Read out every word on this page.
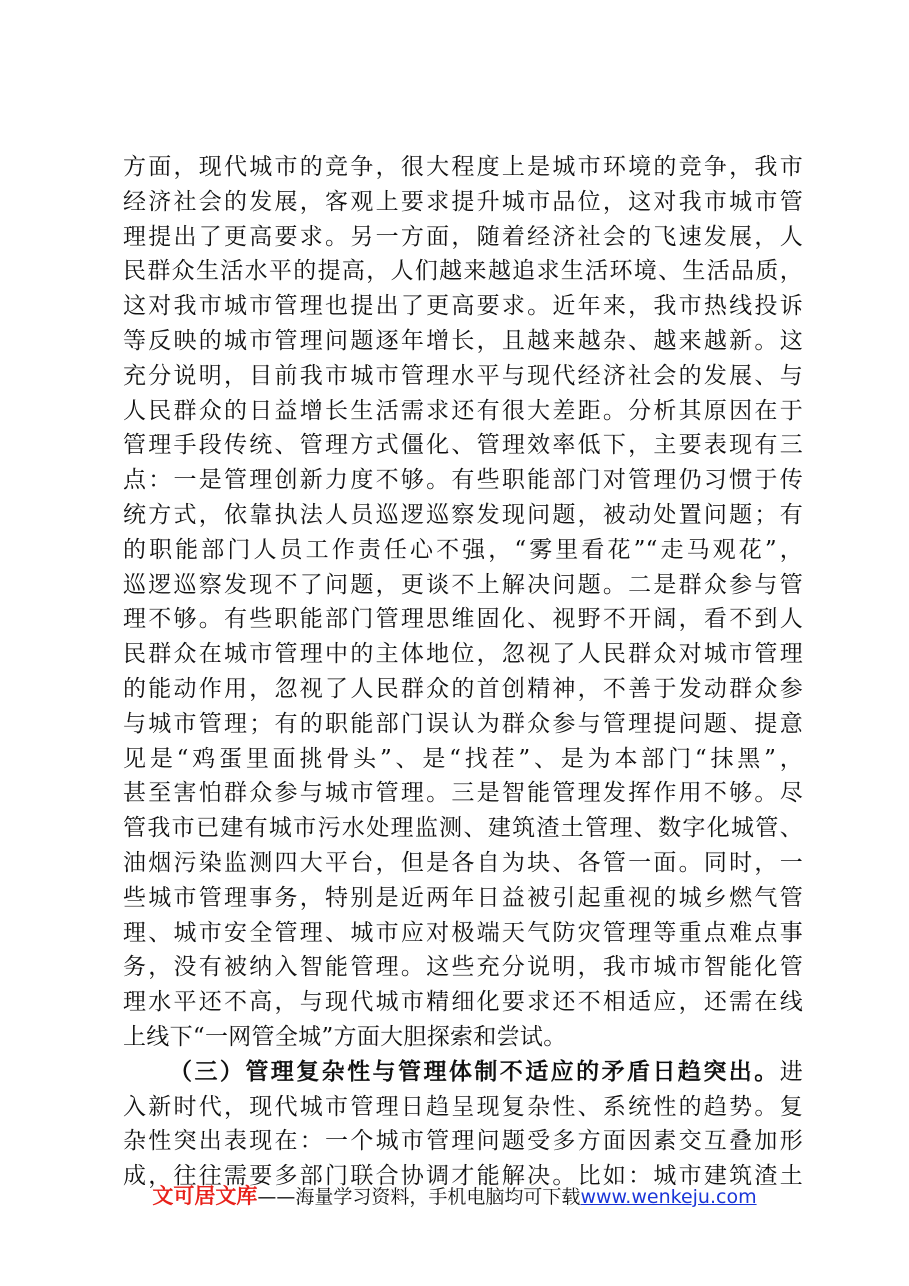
方面，现代城市的竞争，很大程度上是城市环境的竞争，我市
经济社会的发展，客观上要求提升城市品位，这对我市城市管
理提出了更高要求。另一方面，随着经济社会的飞速发展，人
民群众生活水平的提高，人们越来越追求生活环境、生活品质，
这对我市城市管理也提出了更高要求。近年来，我市热线投诉
等反映的城市管理问题逐年增长，且越来越杂、越来越新。这
充分说明，目前我市城市管理水平与现代经济社会的发展、与
人民群众的日益增长生活需求还有很大差距。分析其原因在于
管理手段传统、管理方式僵化、管理效率低下，主要表现有三
点：一是管理创新力度不够。有些职能部门对管理仍习惯于传
统方式，依靠执法人员巡逻巡察发现问题，被动处置问题；有
的职能部门人员工作责任心不强，“雾里看花”“走马观花”，
巡逻巡察发现不了问题，更谈不上解决问题。二是群众参与管
理不够。有些职能部门管理思维固化、视野不开阔，看不到人
民群众在城市管理中的主体地位，忽视了人民群众对城市管理
的能动作用，忽视了人民群众的首创精神，不善于发动群众参
与城市管理；有的职能部门误认为群众参与管理提问题、提意
见是“鸡蛋里面挑骨头”、是“找茬”、是为本部门“抹黑”，
甚至害怕群众参与城市管理。三是智能管理发挥作用不够。尽
管我市已建有城市污水处理监测、建筑渣土管理、数字化城管、
油烟污染监测四大平台，但是各自为块、各管一面。同时，一
些城市管理事务，特别是近两年日益被引起重视的城乡燃气管
理、城市安全管理、城市应对极端天气防灾管理等重点难点事
务，没有被纳入智能管理。这些充分说明，我市城市智能化管
理水平还不高，与现代城市精细化要求还不相适应，还需在线
上线下“一网管全城”方面大胆探索和尝试。
（三）管理复杂性与管理体制不适应的矛盾日趋突出。进
入新时代，现代城市管理日趋呈现复杂性、系统性的趋势。复
杂性突出表现在：一个城市管理问题受多方面因素交互叠加形
成，往往需要多部门联合协调才能解决。比如：城市建筑渣土
文可居文库——海量学习资料，手机电脑均可下载www.wenkeju.com
